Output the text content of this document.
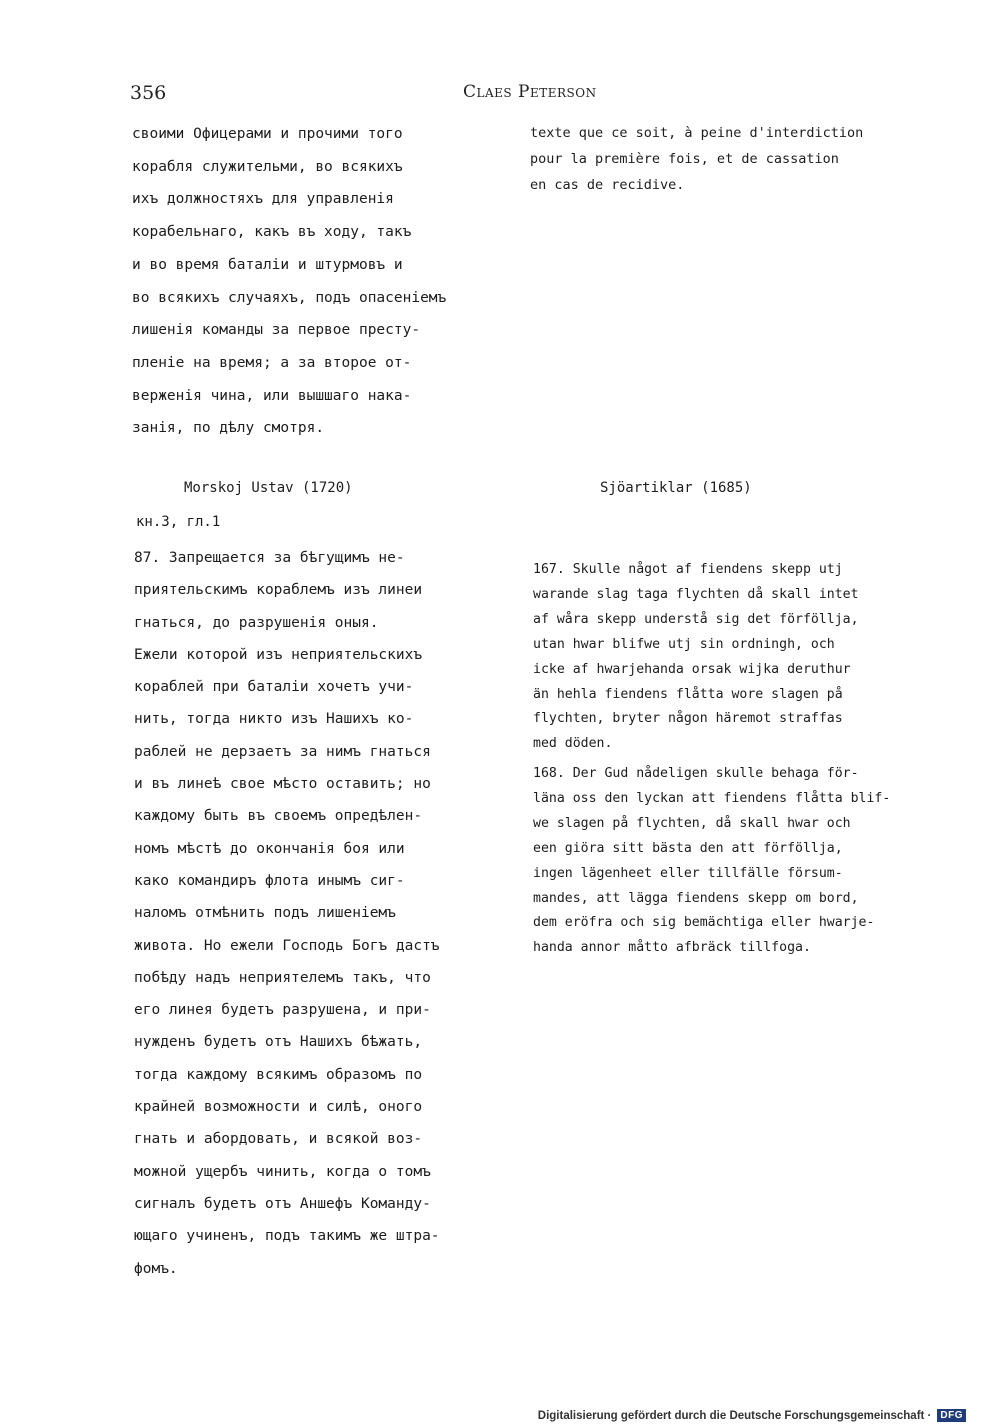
356	Claes Peterson
своими Офицерами и прочими того
корабля служительми, во всякихъ
ихъ должностяхъ для управленiя
корабельнаго, какъ въ ходу, такъ
и во время баталiи и штурмовъ и
во всякихъ случаяхъ, подъ опасенiемъ
лишенiя команды за первое престу-
пленiе на время; а за второе от-
верженiя чина, или вышшаго нака-
занiя, по дѣлу смотря.
texte que ce soit, à peine d'interdiction
pour la première fois, et de cassation
en cas de recidive.
Morskoj Ustav (1720)	Sjöartiklar (1685)
кн.3, гл.1
87. Запрещается за бѣгущимъ не-
приятельскимъ кораблемъ изъ линеи
гнаться, до разрушенiя оныя.
Ежели которой изъ неприятельскихъ
кораблей при баталiи хочетъ учи-
нить, тогда никто изъ Нашихъ ко-
раблей не дерзаетъ за нимъ гнаться
и въ линеѣ свое мѣсто оставить; но
каждому быть въ своемъ опредѣлен-
номъ мѣстѣ до окончанiя боя или
како командиръ флота инымъ сиг-
наломъ отмѣнить подъ лишенiемъ
живота. Но ежели Господь Богъ дастъ
побѣду надъ неприятелемъ такъ, что
его линея будетъ разрушена, и при-
нужденъ будетъ отъ Нашихъ бѣжать,
тогда каждому всякимъ образомъ по
крайней возможности и силѣ, оного
гнать и абордовать, и всякой воз-
можной ущербъ чинить, когда о томъ
сигналъ будетъ отъ Аншефъ Команду-
ющаго учиненъ, подъ такимъ же штра-
фомъ.
167. Skulle något af fiendens skepp utj
warande slag taga flychten då skall intet
af wåra skepp understå sig det förföllja,
utan hwar blifwe utj sin ordningh, och
icke af hwarjehanda orsak wijka deruthur
än hehla fiendens flåtta wore slagen på
flychten, bryter någon häremot straffas
med döden.
168. Der Gud nådeligen skulle behaga för-
läna oss den lyckan att fiendens flåtta blif-
we slagen på flychten, då skall hwar och
een giöra sitt bästa den att förföllja,
ingen lägenheet eller tillfälle försum-
mandes, att lägga fiendens skepp om bord,
dem eröfra och sig bemächtiga eller hwarje-
handa annor måtto afbräck tillfoga.
Digitalisierung gefördert durch die Deutsche Forschungsgemeinschaft · DFG
